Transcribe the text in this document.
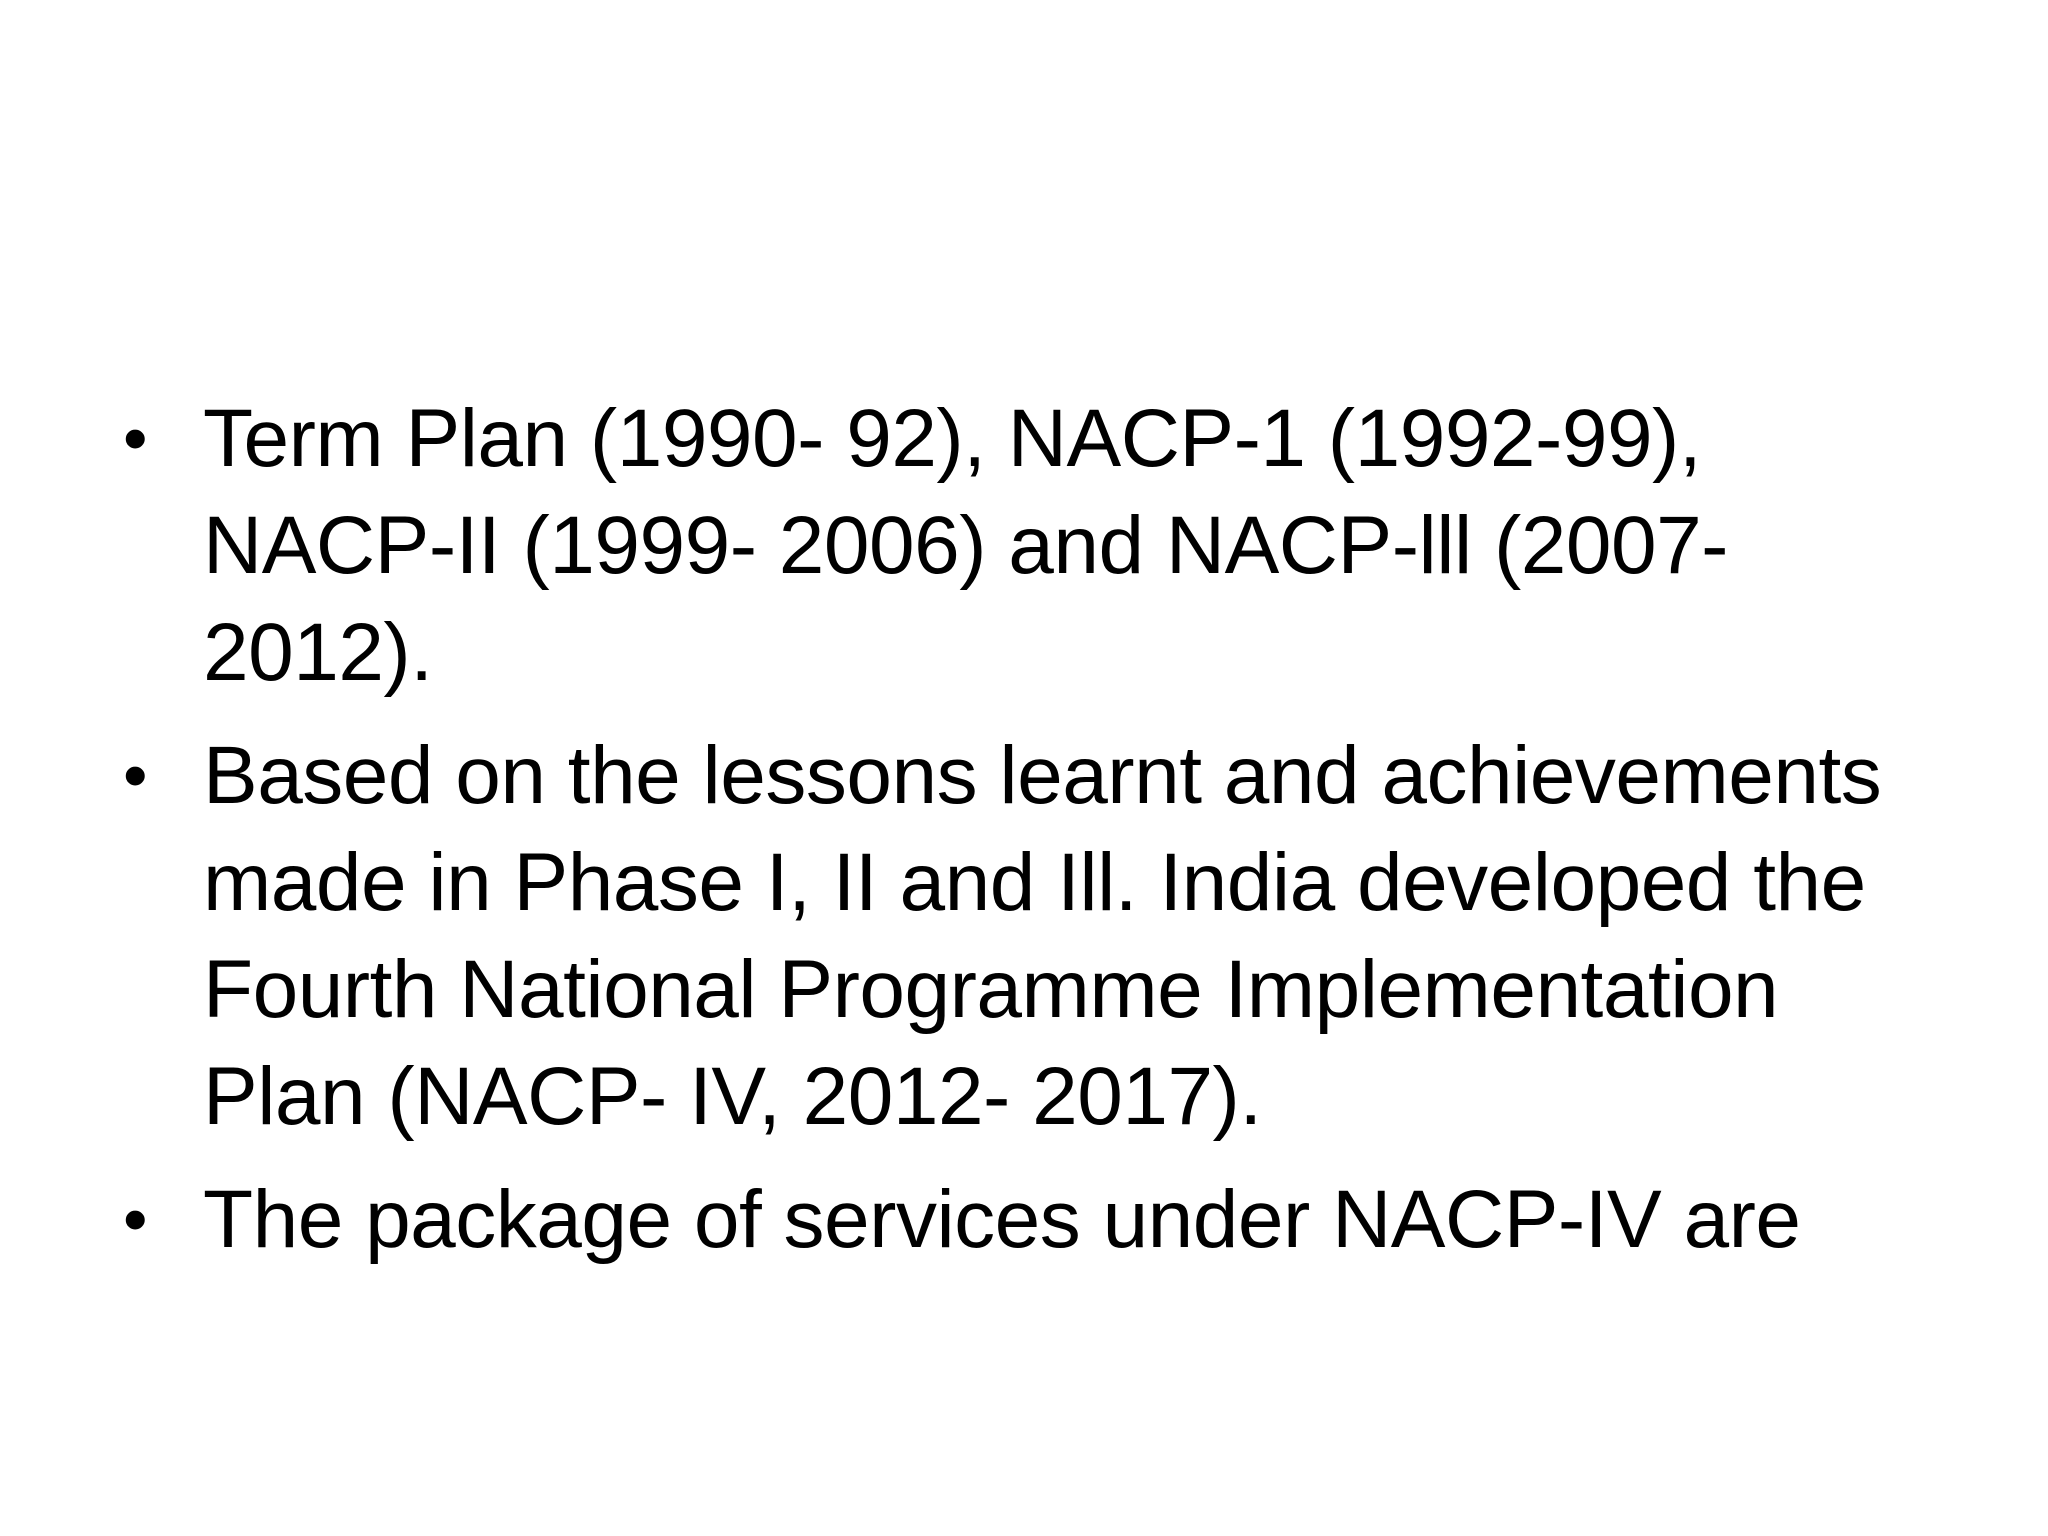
• Term Plan (1990- 92), NACP-1 (1992-99),
NACP-II (1999- 2006) and NACP-lll (2007-
2012).
• Based on the lessons learnt and achievements
made in Phase I, II and Ill. India developed the
Fourth National Programme Implementation
Plan (NACP- IV, 2012- 2017).
• The package of services under NACP-IV are
